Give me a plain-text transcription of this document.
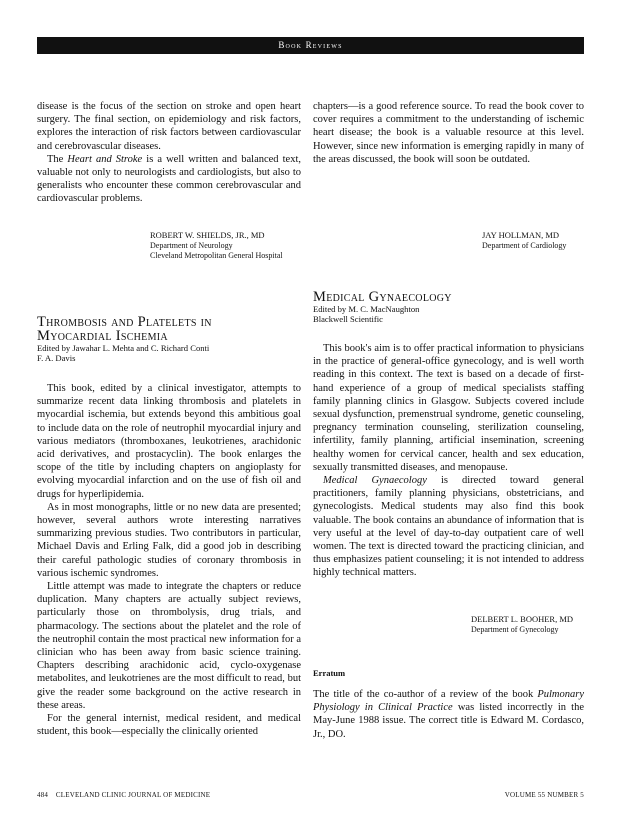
Book Reviews

disease is the focus of the section on stroke and open heart surgery. The final section, on epidemiology and risk factors, explores the interaction of risk factors between cardiovascular and cerebrovascular diseases.

The Heart and Stroke is a well written and balanced text, valuable not only to neurologists and cardiologists, but also to generalists who encounter these common cerebrovascular and cardiovascular problems.

ROBERT W. SHIELDS, JR., MD
Department of Neurology
Cleveland Metropolitan General Hospital

chapters—is a good reference source. To read the book cover to cover requires a commitment to the understanding of ischemic heart disease; the book is a valuable resource at this level. However, since new information is emerging rapidly in many of the areas discussed, the book will soon be outdated.

JAY HOLLMAN, MD
Department of Cardiology
Thrombosis and Platelets in
Myocardial Ischemia
Edited by Jawahar L. Mehta and C. Richard Conti
F. A. Davis

This book, edited by a clinical investigator, attempts to summarize recent data linking thrombosis and platelets in myocardial ischemia, but extends beyond this ambitious goal to include data on the role of neutrophil myocardial injury and various mediators (thromboxanes, leukotrienes, arachidonic acid derivatives, and prostacyclin). The book enlarges the scope of the title by including chapters on angioplasty for evolving myocardial infarction and on the use of fish oil and drugs for hyperlipidemia.

As in most monographs, little or no new data are presented; however, several authors wrote interesting narratives summarizing previous studies. Two contributors in particular, Michael Davis and Erling Falk, did a good job in describing their careful pathologic studies of coronary thrombosis in various ischemic syndromes.

Little attempt was made to integrate the chapters or reduce duplication. Many chapters are actually subject reviews, particularly those on thrombolysis, drug trials, and pharmacology. The sections about the platelet and the role of the neutrophil contain the most practical new information for a clinician who has been away from basic science training. Chapters describing arachidonic acid, cyclo-oxygenase metabolites, and leukotrienes are the most difficult to read, but give the reader some background on the active research in these areas.

For the general internist, medical resident, and medical student, this book—especially the clinically oriented

Medical Gynaecology
Edited by M. C. MacNaughton
Blackwell Scientific

This book's aim is to offer practical information to physicians in the practice of general-office gynecology, and is well worth reading in this context. The text is based on a decade of first-hand experience of a group of medical specialists staffing family planning clinics in Glasgow. Subjects covered include sexual dysfunction, premenstrual syndrome, genetic counseling, pregnancy termination counseling, sterilization counseling, infertility, family planning, artificial insemination, screening healthy women for cervical cancer, health and sex education, sexually transmitted diseases, and menopause.

Medical Gynaecology is directed toward general practitioners, family planning physicians, obstetricians, and gynecologists. Medical students may also find this book valuable. The book contains an abundance of information that is very useful at the level of day-to-day outpatient care of well women. The text is directed toward the practicing clinician, and thus emphasizes patient counseling; it is not intended to address highly technical matters.

DELBERT L. BOOHER, MD
Department of Gynecology
Erratum

The title of the co-author of a review of the book Pulmonary Physiology in Clinical Practice was listed incorrectly in the May-June 1988 issue. The correct title is Edward M. Cordasco, Jr., DO.

484 CLEVELAND CLINIC JOURNAL OF MEDICINE	VOLUME 55 NUMBER 5
